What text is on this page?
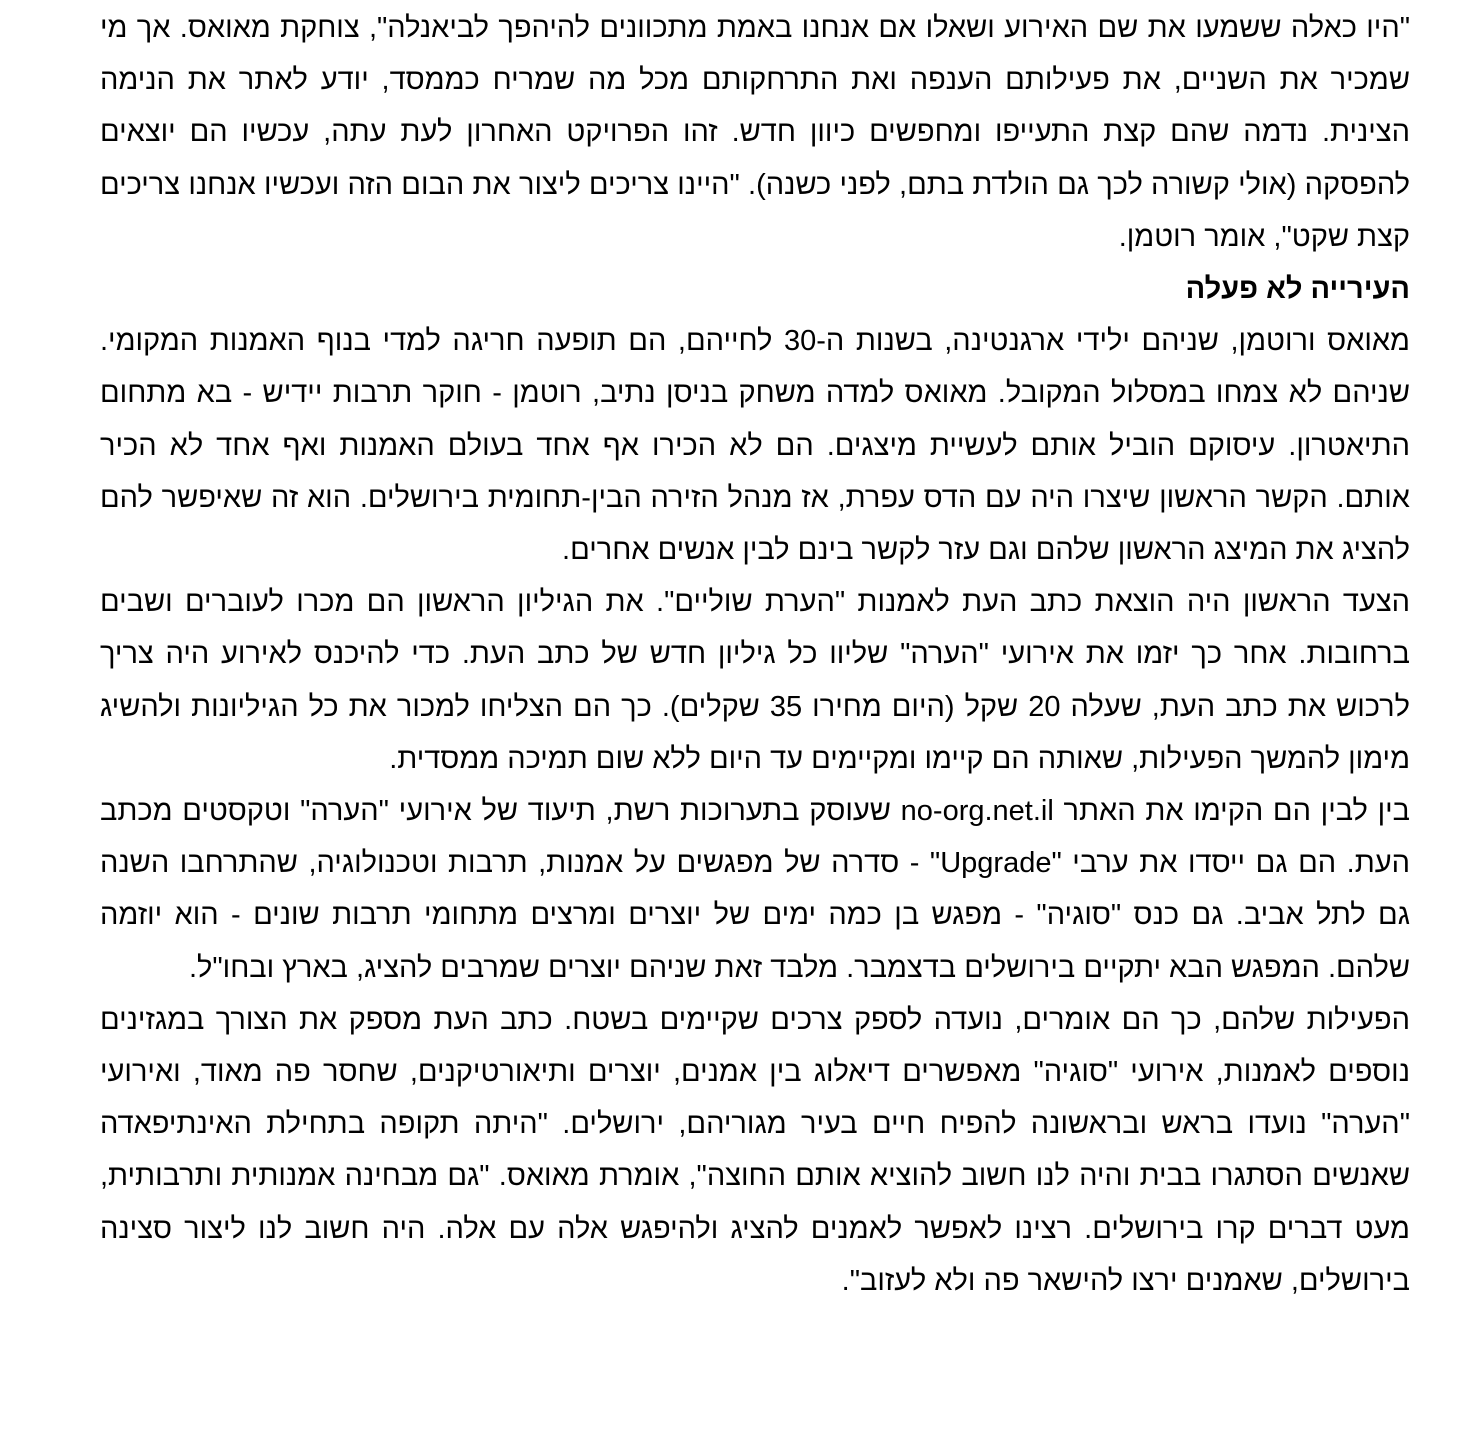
"היו כאלה ששמעו את שם האירוע ושאלו אם אנחנו באמת מתכוונים להיהפך לביאנלה", צוחקת מאואס. אך מי שמכיר את השניים, את פעילותם הענפה ואת התרחקותם מכל מה שמריח כממסד, יודע לאתר את הנימה הצינית. נדמה שהם קצת התעייפו ומחפשים כיוון חדש. זהו הפרויקט האחרון לעת עתה, עכשיו הם יוצאים להפסקה (אולי קשורה לכך גם הולדת בתם, לפני כשנה). "היינו צריכים ליצור את הבום הזה ועכשיו אנחנו צריכים קצת שקט", אומר רוטמן.

העירייה לא פעלה

מאואס ורוטמן, שניהם ילידי ארגנטינה, בשנות ה-30 לחייהם, הם תופעה חריגה למדי בנוף האמנות המקומי. שניהם לא צמחו במסלול המקובל. מאואס למדה משחק בניסן נתיב, רוטמן - חוקר תרבות יידיש - בא מתחום התיאטרון. עיסוקם הוביל אותם לעשיית מיצגים. הם לא הכירו אף אחד בעולם האמנות ואף אחד לא הכיר אותם. הקשר הראשון שיצרו היה עם הדס עפרת, אז מנהל הזירה הבין-תחומית בירושלים. הוא זה שאיפשר להם להציג את המיצג הראשון שלהם וגם עזר לקשר בינם לבין אנשים אחרים.

הצעד הראשון היה הוצאת כתב העת לאמנות "הערת שוליים". את הגיליון הראשון הם מכרו לעוברים ושבים ברחובות. אחר כך יזמו את אירועי "הערה" שליוו כל גיליון חדש של כתב העת. כדי להיכנס לאירוע היה צריך לרכוש את כתב העת, שעלה 20 שקל (היום מחירו 35 שקלים). כך הם הצליחו למכור את כל הגיליונות ולהשיג מימון להמשך הפעילות, שאותה הם קיימו ומקיימים עד היום ללא שום תמיכה ממסדית.

בין לבין הם הקימו את האתר no-org.net.il שעוסק בתערוכות רשת, תיעוד של אירועי "הערה" וטקסטים מכתב העת. הם גם ייסדו את ערבי "Upgrade" - סדרה של מפגשים על אמנות, תרבות וטכנולוגיה, שהתרחבו השנה גם לתל אביב. גם כנס "סוגיה" - מפגש בן כמה ימים של יוצרים ומרצים מתחומי תרבות שונים - הוא יוזמה שלהם. המפגש הבא יתקיים בירושלים בדצמבר. מלבד זאת שניהם יוצרים שמרבים להציג, בארץ ובחו"ל.

הפעילות שלהם, כך הם אומרים, נועדה לספק צרכים שקיימים בשטח. כתב העת מספק את הצורך במגזינים נוספים לאמנות, אירועי "סוגיה" מאפשרים דיאלוג בין אמנים, יוצרים ותיאורטיקנים, שחסר פה מאוד, ואירועי "הערה" נועדו בראש ובראשונה להפיח חיים בעיר מגוריהם, ירושלים. "היתה תקופה בתחילת האינתיפאדה שאנשים הסתגרו בבית והיה לנו חשוב להוציא אותם החוצה", אומרת מאואס. "גם מבחינה אמנותית ותרבותית, מעט דברים קרו בירושלים. רצינו לאפשר לאמנים להציג ולהיפגש אלה עם אלה. היה חשוב לנו ליצור סצינה בירושלים, שאמנים ירצו להישאר פה ולא לעזוב".
